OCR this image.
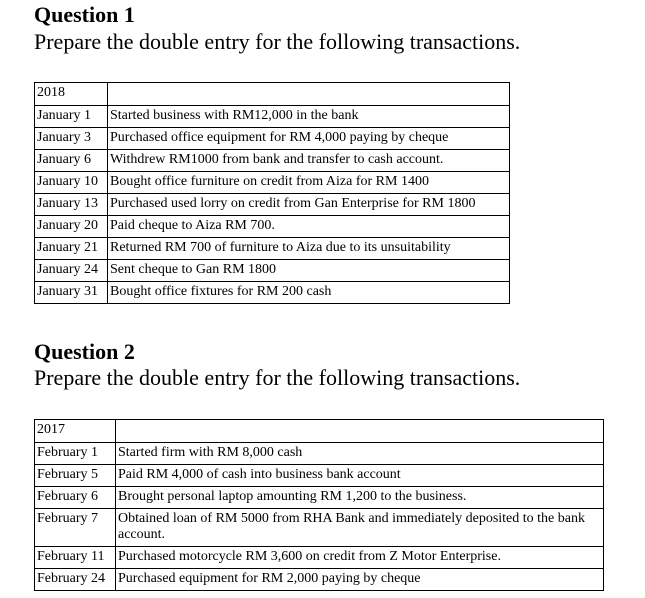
Question 1

Prepare the double entry for the following transactions.

2018	
January 1	Started business with RM12,000 in the bank
January 3	Purchased office equipment for RM 4,000 paying by cheque
January 6	Withdrew RM1000 from bank and transfer to cash account.
January 10	Bought office furniture on credit from Aiza for RM 1400
January 13	Purchased used lorry on credit from Gan Enterprise for RM 1800
January 20	Paid cheque to Aiza RM 700.
January 21	Returned RM 700 of furniture to Aiza due to its unsuitability
January 24	Sent cheque to Gan RM 1800
January 31	Bought office fixtures for RM 200 cash
Question 2

Prepare the double entry for the following transactions.

2017	
February 1	Started firm with RM 8,000 cash
February 5	Paid RM 4,000 of cash into business bank account
February 6	Brought personal laptop amounting RM 1,200 to the business.
February 7	Obtained loan of RM 5000 from RHA Bank and immediately deposited to the bank account.
February 11	Purchased motorcycle RM 3,600 on credit from Z Motor Enterprise.
February 24	Purchased equipment for RM 2,000 paying by cheque
